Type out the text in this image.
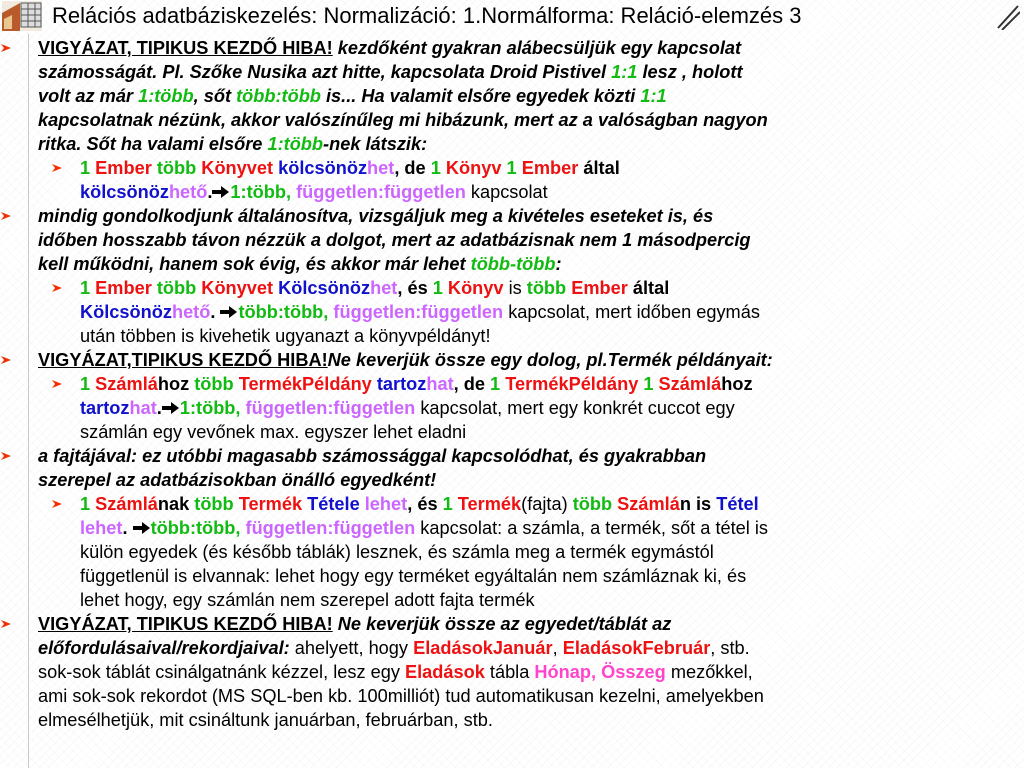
Relációs adatbáziskezelés: Normalizáció: 1.Normálforma: Reláció-elemzés 3
VIGYÁZAT, TIPIKUS KEZDŐ HIBA! kezdőként gyakran alábecsüljük egy kapcsolat
számosságát. Pl. Szőke Nusika azt hitte, kapcsolata Droid Pistivel 1:1 lesz , holott
volt az már 1:több, sőt több:több is... Ha valamit elsőre egyedek közti 1:1
kapcsolatnak nézünk, akkor valószínűleg mi hibázunk, mert az a valóságban nagyon
ritka. Sőt ha valami elsőre 1:több-nek látszik:
1 Ember több Könyvet kölcsönözhet, de 1 Könyv 1 Ember által
kölcsönözhető. 1:több, független:független kapcsolat
mindig gondolkodjunk általánosítva, vizsgáljuk meg a kivételes eseteket is, és
időben hosszabb távon nézzük a dolgot, mert az adatbázisnak nem 1 másodpercig
kell működni, hanem sok évig, és akkor már lehet több-több:
1 Ember több Könyvet Kölcsönözhet, és 1 Könyv is több Ember által
Kölcsönözhető. több:több, független:független kapcsolat, mert időben egymás
után többen is kivehetik ugyanazt a könyvpéldányt!
VIGYÁZAT,TIPIKUS KEZDŐ HIBA!Ne keverjük össze egy dolog, pl.Termék példányait:
1 Számlához több TermékPéldány tartozhat, de 1 TermékPéldány 1 Számlához
tartozhat. 1:több, független:független kapcsolat, mert egy konkrét cuccot egy
számlán egy vevőnek max. egyszer lehet eladni
a fajtájával: ez utóbbi magasabb számossággal kapcsolódhat, és gyakrabban
szerepel az adatbázisokban önálló egyedként!
1 Számlának több Termék Tétele lehet, és 1 Termék(fajta) több Számlán is Tétel
lehet. több:több, független:független kapcsolat: a számla, a termék, sőt a tétel is
külön egyedek (és később táblák) lesznek, és számla meg a termék egymástól
függetlenül is elvannak: lehet hogy egy terméket egyáltalán nem számláznak ki, és
lehet hogy, egy számlán nem szerepel adott fajta termék
VIGYÁZAT, TIPIKUS KEZDŐ HIBA! Ne keverjük össze az egyedet/táblát az
előfordulásaival/rekordjaival: ahelyett, hogy EladásokJanuár, EladásokFebruár, stb.
sok-sok táblát csinálgatnánk kézzel, lesz egy Eladások tábla Hónap, Összeg mezőkkel,
ami sok-sok rekordot (MS SQL-ben kb. 100milliót) tud automatikusan kezelni, amelyekben
elmesélhetjük, mit csináltunk januárban, februárban, stb.
